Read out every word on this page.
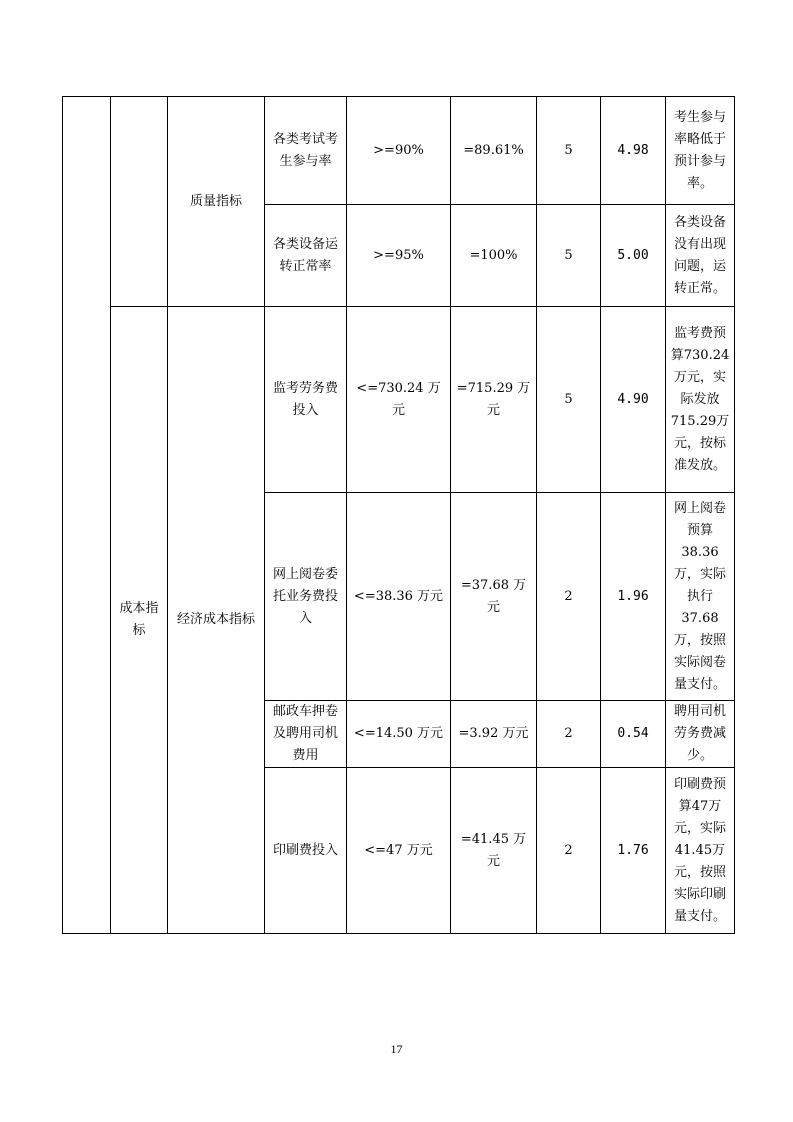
		质量指标	各类考试考生参与率	>=90%	=89.61%	5	4.98	考生参与率略低于预计参与率。
			各类设备运转正常率	>=95%	=100%	5	5.00	各类设备没有出现问题，运转正常。
	成本指标	经济成本指标	监考劳务费投入	<=730.24 万元	=715.29 万元	5	4.90	监考费预算730.24万元，实际发放715.29万元，按标准发放。
			网上阅卷委托业务费投入	<=38.36 万元	=37.68 万元	2	1.96	网上阅卷预算38.36万，实际执行37.68万，按照实际阅卷量支付。
			邮政车押卷及聘用司机费用	<=14.50 万元	=3.92 万元	2	0.54	聘用司机劳务费减少。
			印刷费投入	<=47 万元	=41.45 万元	2	1.76	印刷费预算47万元，实际41.45万元，按照实际印刷量支付。
17
